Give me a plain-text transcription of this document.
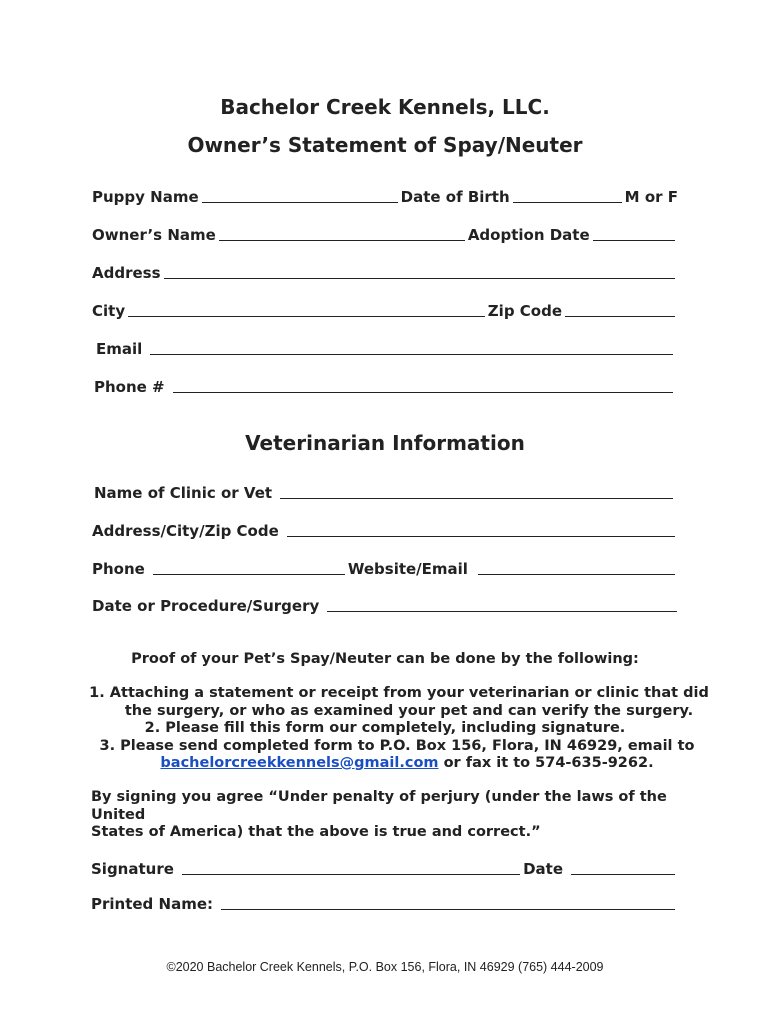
Bachelor Creek Kennels, LLC.
Owner’s Statement of Spay/Neuter
Puppy Name	Date of Birth	M or F
Owner’s Name	Adoption Date
Address
City	Zip Code
Email
Phone #
Veterinarian Information
Name of Clinic or Vet
Address/City/Zip Code
Phone	Website/Email
Date or Procedure/Surgery
Proof of your Pet’s Spay/Neuter can be done by the following:

1. Attaching a statement or receipt from your veterinarian or clinic that did

the surgery, or who as examined your pet and can verify the surgery.

2. Please fill this form our completely, including signature.

3. Please send completed form to P.O. Box 156, Flora, IN 46929, email to

bachelorcreekkennels@gmail.com or fax it to 574-635-9262.

By signing you agree “Under penalty of perjury (under the laws of the United

States of America) that the above is true and correct.”

Signature	Date
Printed Name:
©2020 Bachelor Creek Kennels, P.O. Box 156, Flora, IN 46929 (765) 444-2009
